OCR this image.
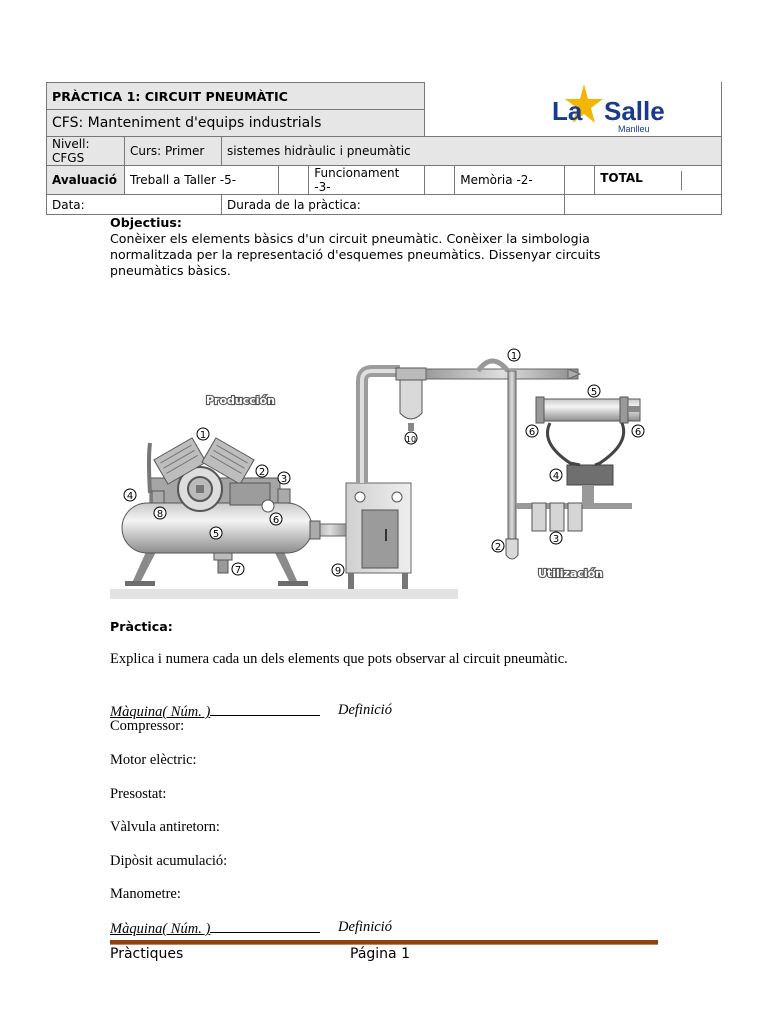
PRÀCTICA 1: CIRCUIT PNEUMÀTIC								
CFS: Manteniment d'equips industrials								
Nivell: CFGS	Curs: Primer	sistemes hidràulic i pneumàtic						
Avaluació	Treball a Taller -5-			Funcionament -3-		Memòria -2-		TOTAL

Data:		Durada de la pràctica:						
La Salle
Manlleu
Objectius:
Conèixer els elements bàsics d'un circuit pneumàtic. Conèixer la simbologia
normalitzada per la representació d'esquemes pneumàtics. Dissenyar circuits
pneumàtics bàsics.
Producción
Utilización
1
2
3
4
5
6
7
8
9
10
1
2
3
4
5
6	6
Pràctica:
Explica i numera cada un dels elements que pots observar al circuit pneumàtic.
Màquina( Núm. )	Definició
Compressor:
Motor elèctric:
Presostat:
Vàlvula antiretorn:
Dipòsit acumulació:
Manometre:
Màquina( Núm. )	Definició
Pràctiques	Página 1
